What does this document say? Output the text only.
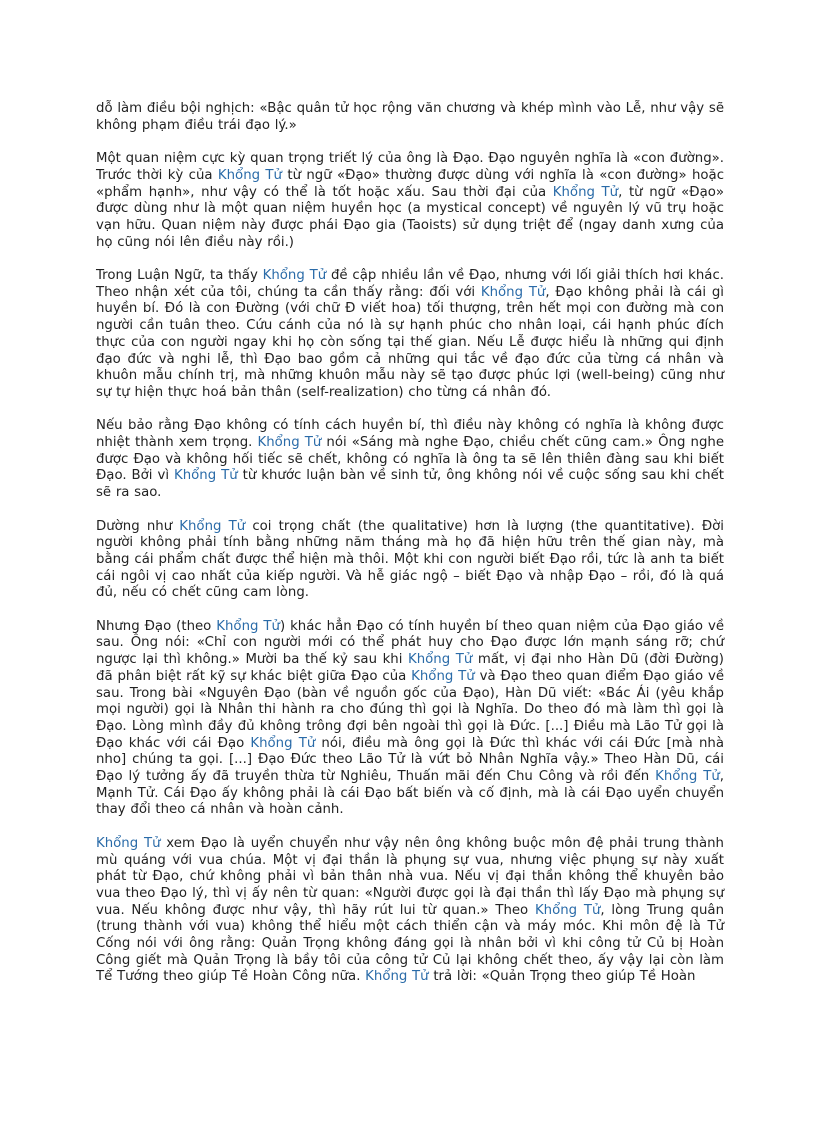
dỗ làm điều bội nghịch: «Bậc quân tử học rộng văn chương và khép mình vào Lễ, như vậy sẽ không phạm điều trái đạo lý.»

Một quan niệm cực kỳ quan trọng triết lý của ông là Đạo. Đạo nguyên nghĩa là «con đường». Trước thời kỳ của Khổng Tử từ ngữ «Đạo» thường được dùng với nghĩa là «con đường» hoặc «phẩm hạnh», như vậy có thể là tốt hoặc xấu. Sau thời đại của Khổng Tử, từ ngữ «Đạo» được dùng như là một quan niệm huyền học (a mystical concept) về nguyên lý vũ trụ hoặc vạn hữu. Quan niệm này được phái Đạo gia (Taoists) sử dụng triệt để (ngay danh xưng của họ cũng nói lên điều này rồi.)

Trong Luận Ngữ, ta thấy Khổng Tử đề cập nhiều lần về Đạo, nhưng với lối giải thích hơi khác. Theo nhận xét của tôi, chúng ta cần thấy rằng: đối với Khổng Tử, Đạo không phải là cái gì huyền bí. Đó là con Đường (với chữ Đ viết hoa) tối thượng, trên hết mọi con đường mà con người cần tuân theo. Cứu cánh của nó là sự hạnh phúc cho nhân loại, cái hạnh phúc đích thực của con người ngay khi họ còn sống tại thế gian. Nếu Lễ được hiểu là những qui định đạo đức và nghi lễ, thì Đạo bao gồm cả những qui tắc về đạo đức của từng cá nhân và khuôn mẫu chính trị, mà những khuôn mẫu này sẽ tạo được phúc lợi (well-being) cũng như sự tự hiện thực hoá bản thân (self-realization) cho từng cá nhân đó.

Nếu bảo rằng Đạo không có tính cách huyền bí, thì điều này không có nghĩa là không được nhiệt thành xem trọng. Khổng Tử nói «Sáng mà nghe Đạo, chiều chết cũng cam.» Ông nghe được Đạo và không hối tiếc sẽ chết, không có nghĩa là ông ta sẽ lên thiên đàng sau khi biết Đạo. Bởi vì Khổng Tử từ khước luận bàn về sinh tử, ông không nói về cuộc sống sau khi chết sẽ ra sao.

Dường như Khổng Tử coi trọng chất (the qualitative) hơn là lượng (the quantitative). Đời người không phải tính bằng những năm tháng mà họ đã hiện hữu trên thế gian này, mà bằng cái phẩm chất được thể hiện mà thôi. Một khi con người biết Đạo rồi, tức là anh ta biết cái ngôi vị cao nhất của kiếp người. Và hễ giác ngộ – biết Đạo và nhập Đạo – rồi, đó là quá đủ, nếu có chết cũng cam lòng.

Nhưng Đạo (theo Khổng Tử) khác hẳn Đạo có tính huyền bí theo quan niệm của Đạo giáo về sau. Ông nói: «Chỉ con người mới có thể phát huy cho Đạo được lớn mạnh sáng rỡ; chứ ngược lại thì không.» Mười ba thế kỷ sau khi Khổng Tử mất, vị đại nho Hàn Dũ (đời Đường) đã phân biệt rất kỹ sự khác biệt giữa Đạo của Khổng Tử và Đạo theo quan điểm Đạo giáo về sau. Trong bài «Nguyên Đạo (bàn về nguồn gốc của Đạo), Hàn Dũ viết: «Bác Ái (yêu khắp mọi người) gọi là Nhân thi hành ra cho đúng thì gọi là Nghĩa. Do theo đó mà làm thì gọi là Đạo. Lòng mình đầy đủ không trông đợi bên ngoài thì gọi là Đức. [...] Điều mà Lão Tử gọi là Đạo khác với cái Đạo Khổng Tử nói, điều mà ông gọi là Đức thì khác với cái Đức [mà nhà nho] chúng ta gọi. [...] Đạo Đức theo Lão Tử là vứt bỏ Nhân Nghĩa vậy.» Theo Hàn Dũ, cái Đạo lý tưởng ấy đã truyền thừa từ Nghiêu, Thuấn mãi đến Chu Công và rồi đến Khổng Tử, Mạnh Tử. Cái Đạo ấy không phải là cái Đạo bất biến và cố định, mà là cái Đạo uyển chuyển thay đổi theo cá nhân và hoàn cảnh.

Khổng Tử xem Đạo là uyển chuyển như vậy nên ông không buộc môn đệ phải trung thành mù quáng với vua chúa. Một vị đại thần là phụng sự vua, nhưng việc phụng sự này xuất phát từ Đạo, chứ không phải vì bản thân nhà vua. Nếu vị đại thần không thể khuyên bảo vua theo Đạo lý, thì vị ấy nên từ quan: «Người được gọi là đại thần thì lấy Đạo mà phụng sự vua. Nếu không được như vậy, thì hãy rút lui từ quan.» Theo Khổng Tử, lòng Trung quân (trung thành với vua) không thể hiểu một cách thiển cận và máy móc. Khi môn đệ là Tử Cống nói với ông rằng: Quản Trọng không đáng gọi là nhân bởi vì khi công tử Củ bị Hoàn Công giết mà Quản Trọng là bầy tôi của công tử Củ lại không chết theo, ấy vậy lại còn làm Tể Tướng theo giúp Tề Hoàn Công nữa. Khổng Tử trả lời: «Quản Trọng theo giúp Tề Hoàn
